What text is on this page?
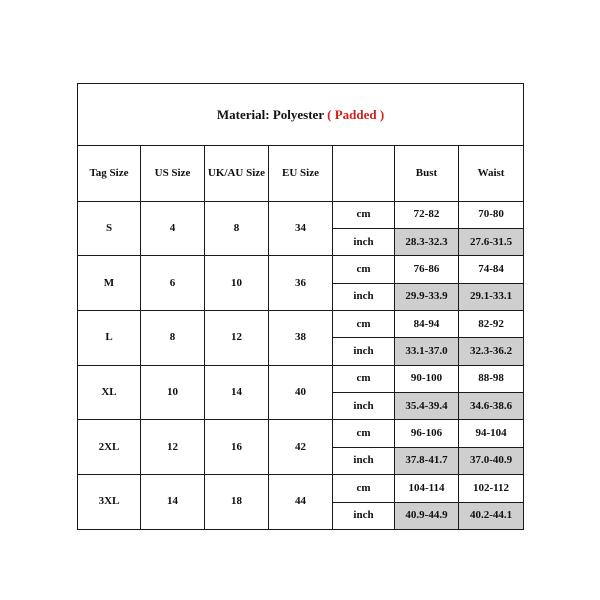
Material: Polyester ( Padded )						
Tag Size	US Size	UK/AU Size	EU Size		Bust	Waist
S	4	8	34	cm	72-82	70-80
				inch	28.3-32.3	27.6-31.5
M	6	10	36	cm	76-86	74-84
				inch	29.9-33.9	29.1-33.1
L	8	12	38	cm	84-94	82-92
				inch	33.1-37.0	32.3-36.2
XL	10	14	40	cm	90-100	88-98
				inch	35.4-39.4	34.6-38.6
2XL	12	16	42	cm	96-106	94-104
				inch	37.8-41.7	37.0-40.9
3XL	14	18	44	cm	104-114	102-112
				inch	40.9-44.9	40.2-44.1
